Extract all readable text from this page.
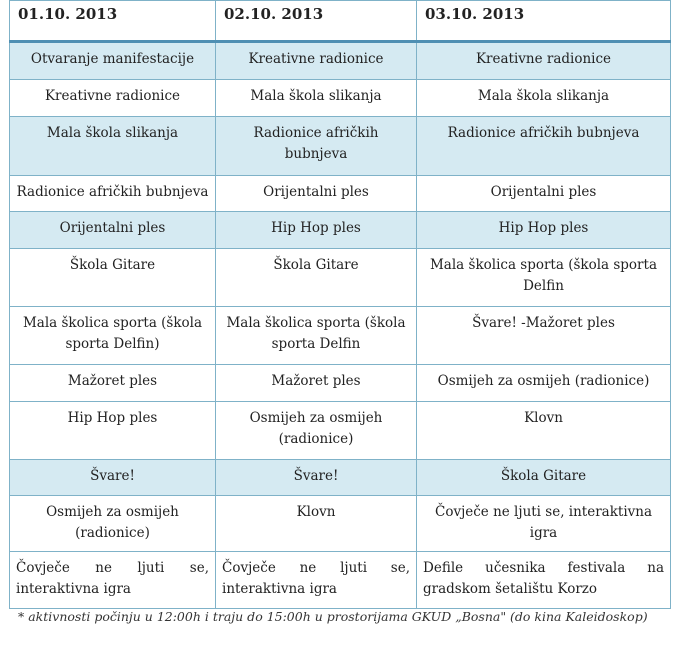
01.10. 2013	02.10. 2013	03.10. 2013
Otvaranje manifestacije	Kreativne radionice	Kreativne radionice
Kreativne radionice	Mala škola slikanja	Mala škola slikanja
Mala škola slikanja	Radionice afričkih bubnjeva	Radionice afričkih bubnjeva
Radionice afričkih bubnjeva	Orijentalni ples	Orijentalni ples
Orijentalni ples	Hip Hop ples	Hip Hop ples
Škola Gitare	Škola Gitare	Mala školica sporta (škola sporta Delfin
Mala školica sporta (škola sporta Delfin)	Mala školica sporta (škola sporta Delfin	Švare! -Mažoret ples
Mažoret ples	Mažoret ples	Osmijeh za osmijeh (radionice)
Hip Hop ples	Osmijeh za osmijeh (radionice)	Klovn
Švare!	Švare!	Škola Gitare
Osmijeh za osmijeh (radionice)	Klovn	Čovječe ne ljuti se, interaktivna igra
Čovječe ne ljuti se, interaktivna igra	Čovječe ne ljuti se, interaktivna igra	Defile učesnika festivala na gradskom šetalištu Korzo
* aktivnosti počinju u 12:00h i traju do 15:00h u prostorijama GKUD „Bosna" (do kina Kaleidoskop)
